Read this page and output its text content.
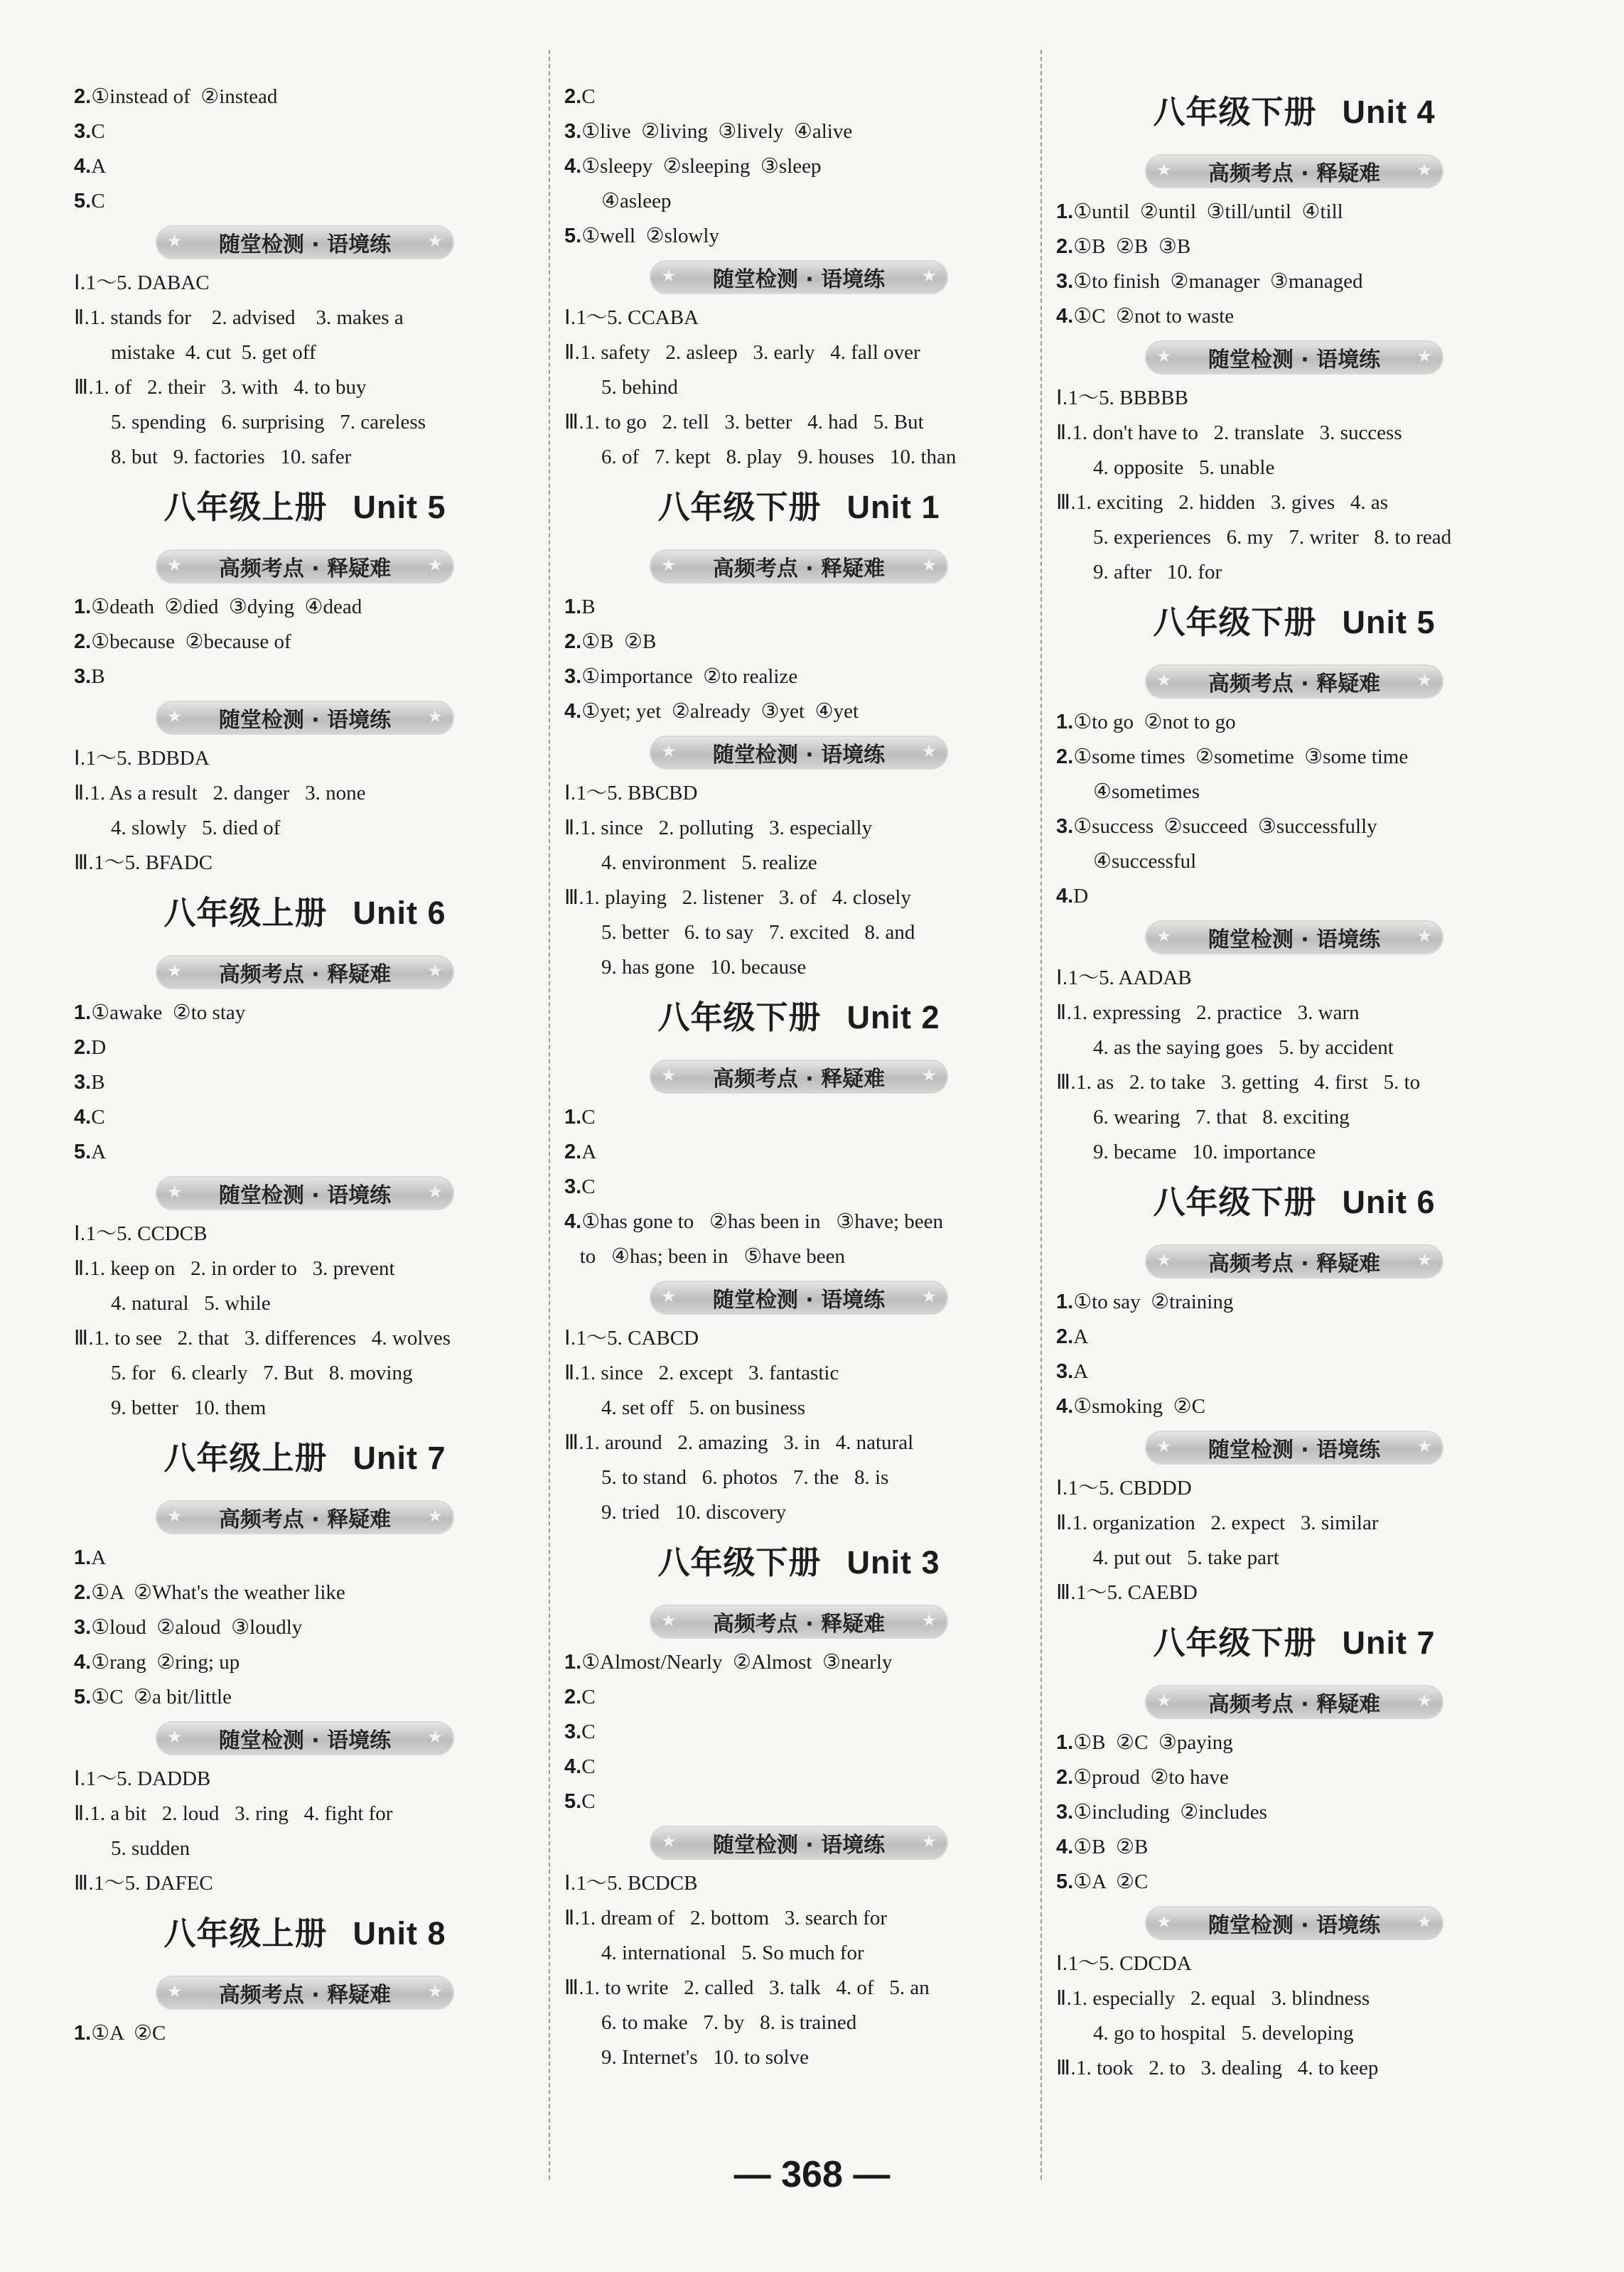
2.①instead of  ②instead
3.C
4.A
5.C
★ 随堂检测 · 语境练 ★
Ⅰ.1～5. DABAC
Ⅱ.1. stands for    2. advised    3. makes a
mistake  4. cut  5. get off
Ⅲ.1. of   2. their   3. with   4. to buy
5. spending   6. surprising   7. careless
8. but   9. factories   10. safer
八年级上册 Unit 5
★ 高频考点 · 释疑难 ★
1.①death  ②died  ③dying  ④dead
2.①because  ②because of
3.B
★ 随堂检测 · 语境练 ★
Ⅰ.1～5. BDBDA
Ⅱ.1. As a result   2. danger   3. none
4. slowly   5. died of
Ⅲ.1～5. BFADC
八年级上册 Unit 6
★ 高频考点 · 释疑难 ★
1.①awake  ②to stay
2.D
3.B
4.C
5.A
★ 随堂检测 · 语境练 ★
Ⅰ.1～5. CCDCB
Ⅱ.1. keep on   2. in order to   3. prevent
4. natural   5. while
Ⅲ.1. to see   2. that   3. differences   4. wolves
5. for   6. clearly   7. But   8. moving
9. better   10. them
八年级上册 Unit 7
★ 高频考点 · 释疑难 ★
1.A
2.①A  ②What's the weather like
3.①loud  ②aloud  ③loudly
4.①rang  ②ring; up
5.①C  ②a bit/little
★ 随堂检测 · 语境练 ★
Ⅰ.1～5. DADDB
Ⅱ.1. a bit   2. loud   3. ring   4. fight for
5. sudden
Ⅲ.1～5. DAFEC
八年级上册 Unit 8
★ 高频考点 · 释疑难 ★
1.①A  ②C
2.C
3.①live  ②living  ③lively  ④alive
4.①sleepy  ②sleeping  ③sleep
④asleep
5.①well  ②slowly
★ 随堂检测 · 语境练 ★
Ⅰ.1～5. CCABA
Ⅱ.1. safety   2. asleep   3. early   4. fall over
5. behind
Ⅲ.1. to go   2. tell   3. better   4. had   5. But
6. of   7. kept   8. play   9. houses   10. than
八年级下册 Unit 1
★ 高频考点 · 释疑难 ★
1.B
2.①B  ②B
3.①importance  ②to realize
4.①yet; yet  ②already  ③yet  ④yet
★ 随堂检测 · 语境练 ★
Ⅰ.1～5. BBCBD
Ⅱ.1. since   2. polluting   3. especially
4. environment   5. realize
Ⅲ.1. playing   2. listener   3. of   4. closely
5. better   6. to say   7. excited   8. and
9. has gone   10. because
八年级下册 Unit 2
★ 高频考点 · 释疑难 ★
1.C
2.A
3.C
4.①has gone to   ②has been in   ③have; been
to   ④has; been in   ⑤have been
★ 随堂检测 · 语境练 ★
Ⅰ.1～5. CABCD
Ⅱ.1. since   2. except   3. fantastic
4. set off   5. on business
Ⅲ.1. around   2. amazing   3. in   4. natural
5. to stand   6. photos   7. the   8. is
9. tried   10. discovery
八年级下册 Unit 3
★ 高频考点 · 释疑难 ★
1.①Almost/Nearly  ②Almost  ③nearly
2.C
3.C
4.C
5.C
★ 随堂检测 · 语境练 ★
Ⅰ.1～5. BCDCB
Ⅱ.1. dream of   2. bottom   3. search for
4. international   5. So much for
Ⅲ.1. to write   2. called   3. talk   4. of   5. an
6. to make   7. by   8. is trained
9. Internet's   10. to solve
八年级下册 Unit 4
★ 高频考点 · 释疑难 ★
1.①until  ②until  ③till/until  ④till
2.①B  ②B  ③B
3.①to finish  ②manager  ③managed
4.①C  ②not to waste
★ 随堂检测 · 语境练 ★
Ⅰ.1～5. BBBBB
Ⅱ.1. don't have to   2. translate   3. success
4. opposite   5. unable
Ⅲ.1. exciting   2. hidden   3. gives   4. as
5. experiences   6. my   7. writer   8. to read
9. after   10. for
八年级下册 Unit 5
★ 高频考点 · 释疑难 ★
1.①to go  ②not to go
2.①some times  ②sometime  ③some time
④sometimes
3.①success  ②succeed  ③successfully
④successful
4.D
★ 随堂检测 · 语境练 ★
Ⅰ.1～5. AADAB
Ⅱ.1. expressing   2. practice   3. warn
4. as the saying goes   5. by accident
Ⅲ.1. as   2. to take   3. getting   4. first   5. to
6. wearing   7. that   8. exciting
9. became   10. importance
八年级下册 Unit 6
★ 高频考点 · 释疑难 ★
1.①to say  ②training
2.A
3.A
4.①smoking  ②C
★ 随堂检测 · 语境练 ★
Ⅰ.1～5. CBDDD
Ⅱ.1. organization   2. expect   3. similar
4. put out   5. take part
Ⅲ.1～5. CAEBD
八年级下册 Unit 7
★ 高频考点 · 释疑难 ★
1.①B  ②C  ③paying
2.①proud  ②to have
3.①including  ②includes
4.①B  ②B
5.①A  ②C
★ 随堂检测 · 语境练 ★
Ⅰ.1～5. CDCDA
Ⅱ.1. especially   2. equal   3. blindness
4. go to hospital   5. developing
Ⅲ.1. took   2. to   3. dealing   4. to keep
— 368 —
